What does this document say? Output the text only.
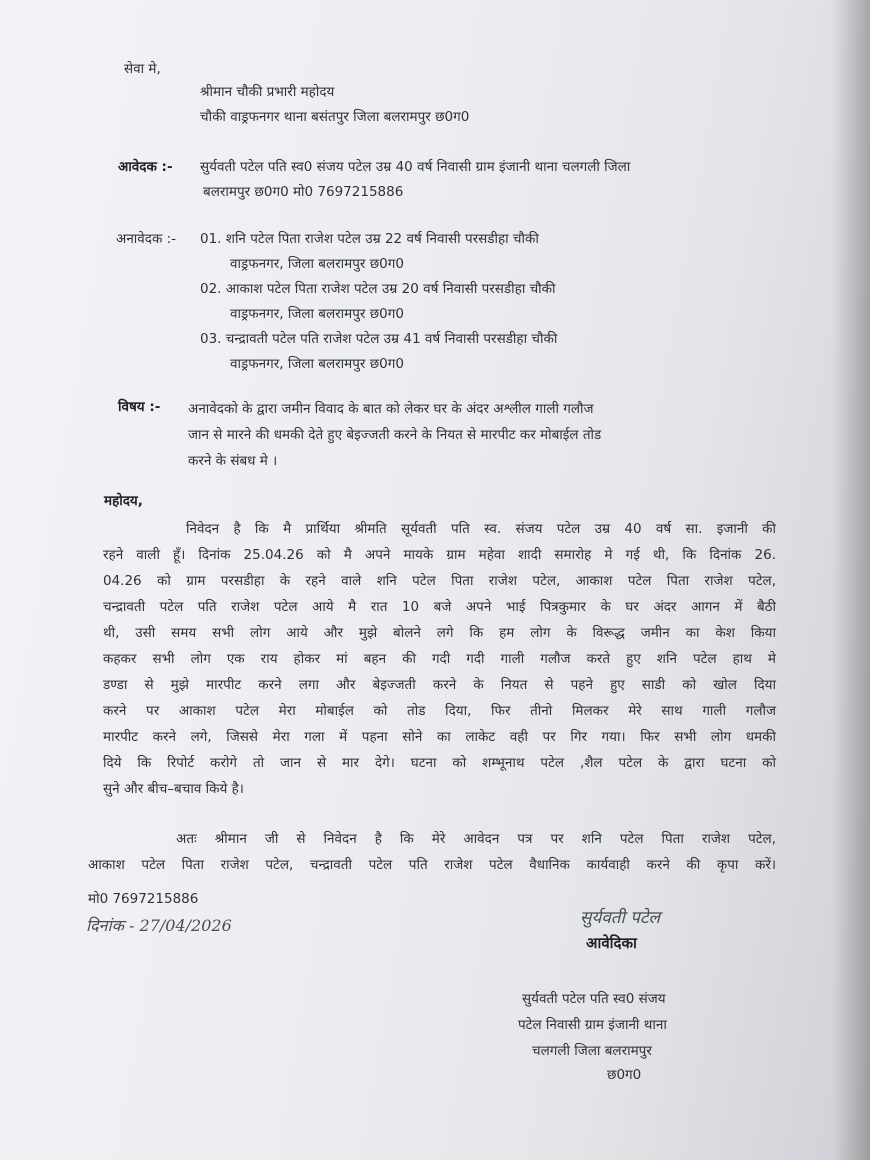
सेवा मे,
श्रीमान चौकी प्रभारी महोदय
चौकी वाड्रफनगर थाना बसंतपुर जिला बलरामपुर छ0ग0
आवेदक :- सुर्यवती पटेल पति स्व0 संजय पटेल उम्र 40 वर्ष निवासी ग्राम इंजानी थाना चलगली जिला
बलरामपुर छ0ग0 मो0 7697215886
अनावेदक :- 01. शनि पटेल पिता राजेश पटेल उम्र 22 वर्ष निवासी परसडीहा चौकी
वाड्रफनगर, जिला बलरामपुर छ0ग0
02. आकाश पटेल पिता राजेश पटेल उम्र 20 वर्ष निवासी परसडीहा चौकी
वाड्रफनगर, जिला बलरामपुर छ0ग0
03. चन्द्रावती पटेल पति राजेश पटेल उम्र 41 वर्ष निवासी परसडीहा चौकी
वाड्रफनगर, जिला बलरामपुर छ0ग0
विषय :- अनावेदको के द्वारा जमीन विवाद के बात को लेकर घर के अंदर अश्लील गाली गलौज
जान से मारने की धमकी देते हुए बेइज्जती करने के नियत से मारपीट कर मोबाईल तोड
करने के संबध मे ।
महोदय,
निवेदन है कि मै प्रार्थिया श्रीमति सूर्यवती पति स्व. संजय पटेल उम्र 40 वर्ष सा. इजानी की
रहने वाली हूँ। दिनांक 25.04.26 को मै अपने मायके ग्राम महेवा शादी समारोह मे गई थी, कि दिनांक 26.
04.26 को ग्राम परसडीहा के रहने वाले शनि पटेल पिता राजेश पटेल, आकाश पटेल पिता राजेश पटेल,
चन्द्रावती पटेल पति राजेश पटेल आये मै रात 10 बजे अपने भाई पित्रकुमार के घर अंदर आगन में बैठी
थी, उसी समय सभी लोग आये और मुझे बोलने लगे कि हम लोग के विरूद्ध जमीन का केश किया
कहकर सभी लोग एक राय होकर मां बहन की गदी गदी गाली गलौज करते हुए शनि पटेल हाथ मे
डण्डा से मुझे मारपीट करने लगा और बेइज्जती करने के नियत से पहने हुए साडी को खोल दिया
करने पर आकाश पटेल मेरा मोबाईल को तोड दिया, फिर तीनो मिलकर मेरे साथ गाली गलौज
मारपीट करने लगे, जिससे मेरा गला में पहना सोने का लाकेट वही पर गिर गया। फिर सभी लोग धमकी
दिये कि रिपोर्ट करोगे तो जान से मार देगे। घटना को शम्भूनाथ पटेल ,शैल पटेल के द्वारा घटना को
सुने और बीच–बचाव किये है।
अतः श्रीमान जी से निवेदन है कि मेरे आवेदन पत्र पर शनि पटेल पिता राजेश पटेल,
आकाश पटेल पिता राजेश पटेल, चन्द्रावती पटेल पति राजेश पटेल वैधानिक कार्यवाही करने की कृपा करें।
मो0 7697215886
दिनांक - 27/04/2026	सुर्यवती पटेल
आवेदिका
सुर्यवती पटेल पति स्व0 संजय
पटेल निवासी ग्राम इंजानी थाना
चलगली जिला बलरामपुर
छ0ग0
